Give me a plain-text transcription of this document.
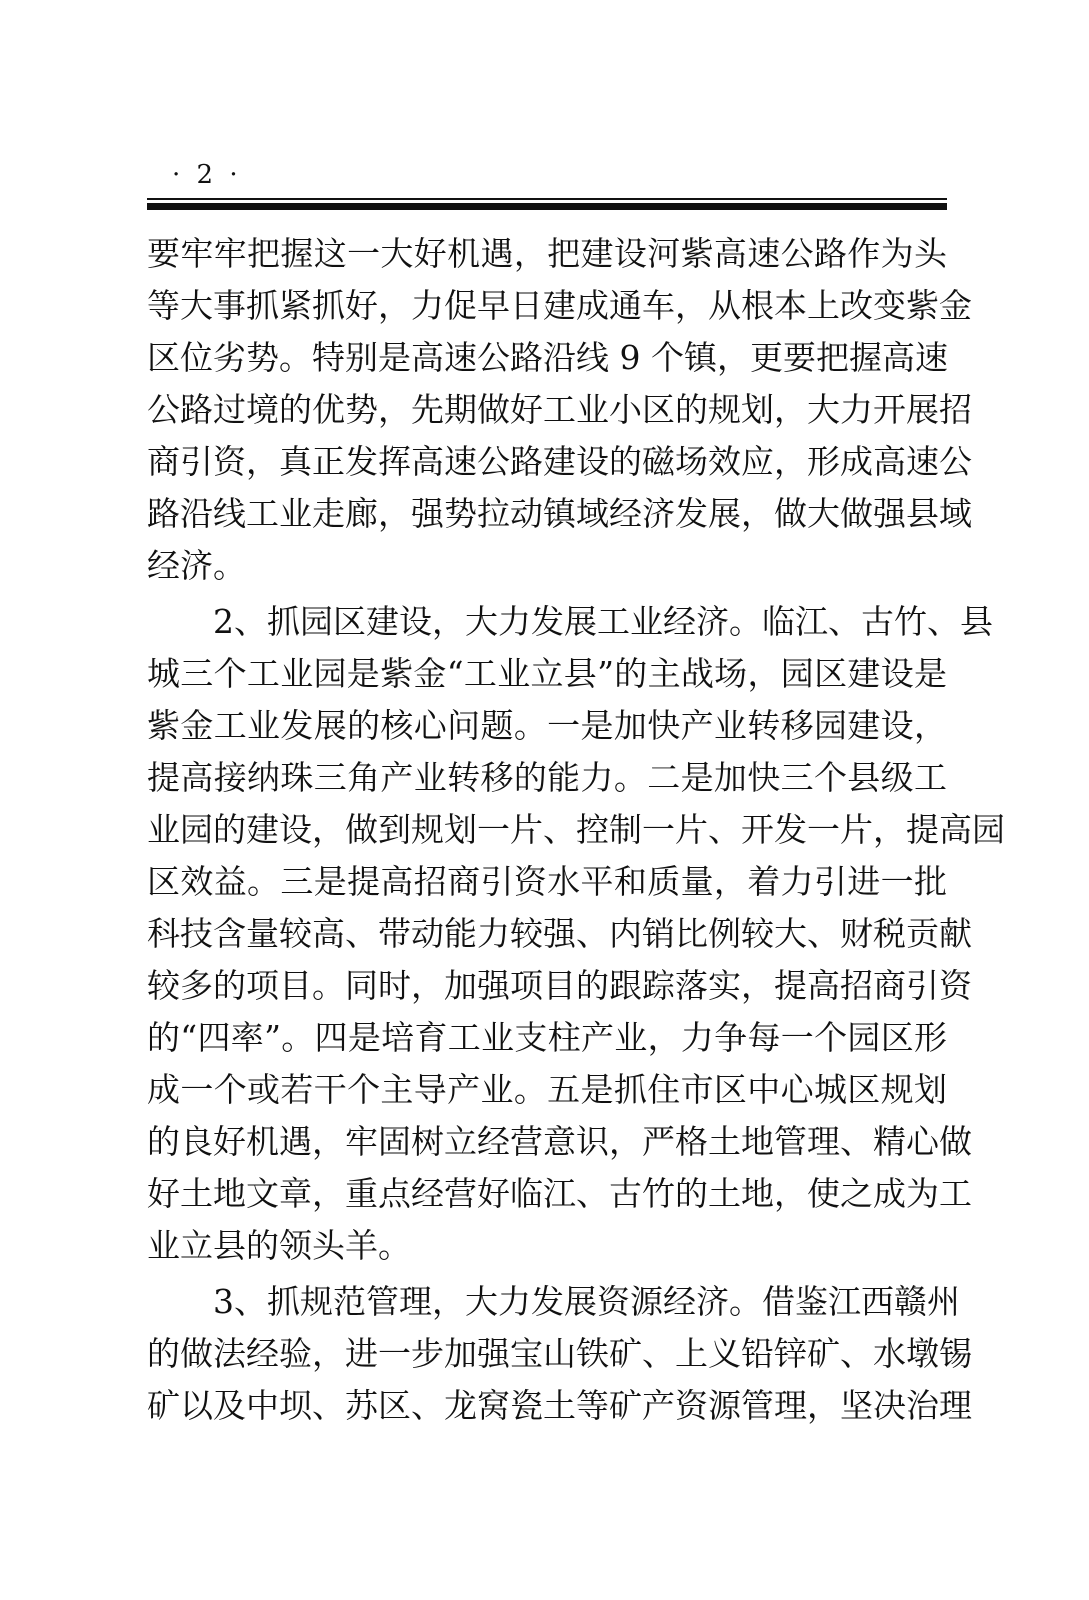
· 2 ·
要牢牢把握这一大好机遇，把建设河紫高速公路作为头
等大事抓紧抓好，力促早日建成通车，从根本上改变紫金
区位劣势。特别是高速公路沿线 9 个镇，更要把握高速
公路过境的优势，先期做好工业小区的规划，大力开展招
商引资，真正发挥高速公路建设的磁场效应，形成高速公
路沿线工业走廊，强势拉动镇域经济发展，做大做强县域
经济。
2、抓园区建设，大力发展工业经济。临江、古竹、县
城三个工业园是紫金“工业立县”的主战场，园区建设是
紫金工业发展的核心问题。一是加快产业转移园建设，
提高接纳珠三角产业转移的能力。二是加快三个县级工
业园的建设，做到规划一片、控制一片、开发一片，提高园
区效益。三是提高招商引资水平和质量，着力引进一批
科技含量较高、带动能力较强、内销比例较大、财税贡献
较多的项目。同时，加强项目的跟踪落实，提高招商引资
的“四率”。四是培育工业支柱产业，力争每一个园区形
成一个或若干个主导产业。五是抓住市区中心城区规划
的良好机遇，牢固树立经营意识，严格土地管理、精心做
好土地文章，重点经营好临江、古竹的土地，使之成为工
业立县的领头羊。
3、抓规范管理，大力发展资源经济。借鉴江西赣州
的做法经验，进一步加强宝山铁矿、上义铅锌矿、水墩锡
矿以及中坝、苏区、龙窝瓷土等矿产资源管理，坚决治理
